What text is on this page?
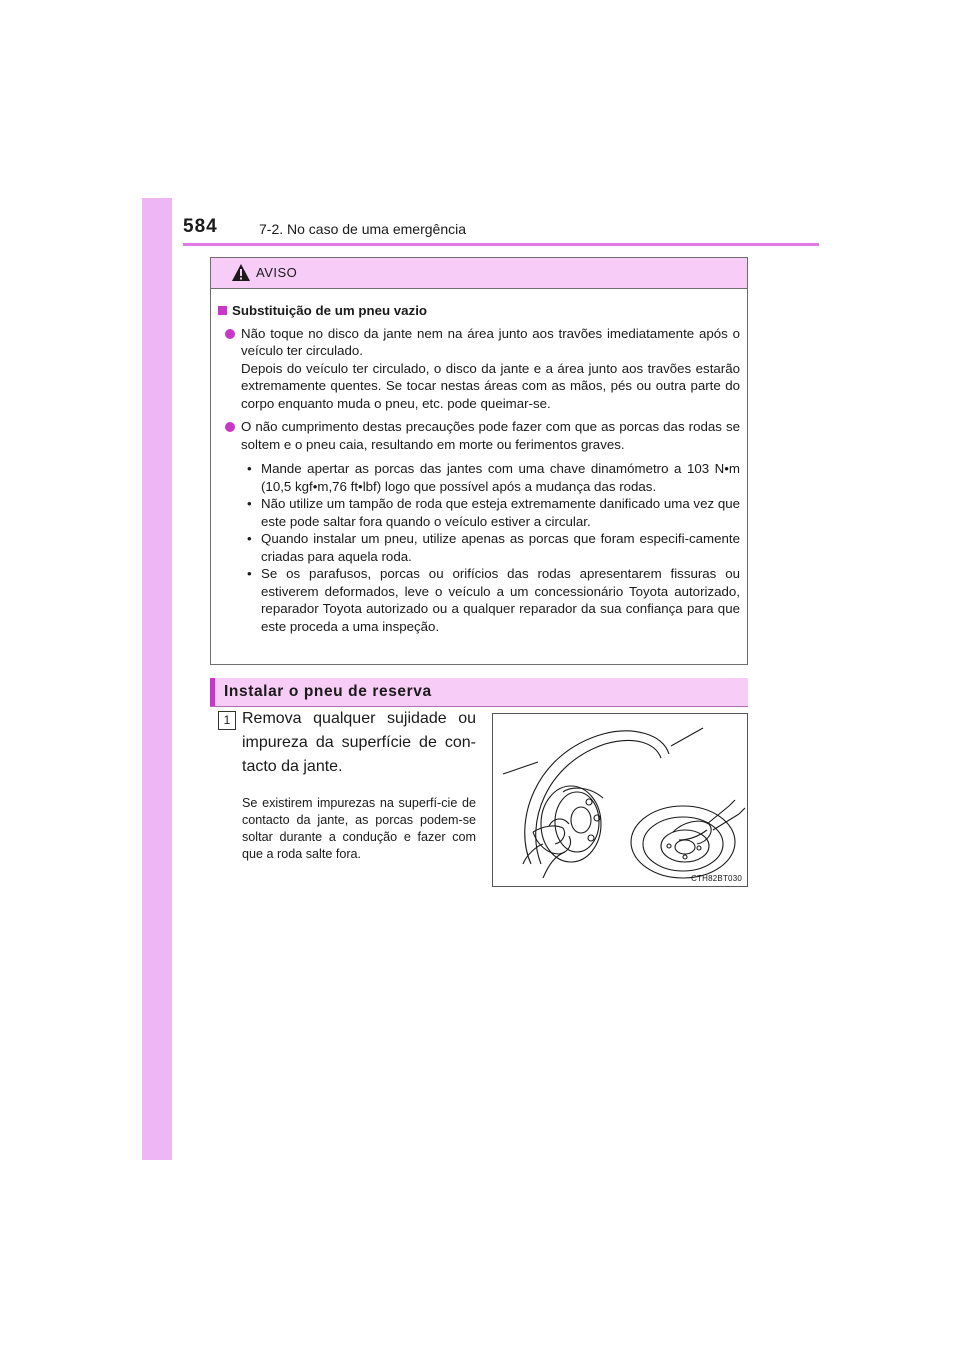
584	7-2. No caso de uma emergência
AVISO
Substituição de um pneu vazio
Não toque no disco da jante nem na área junto aos travões imediatamente após o veículo ter circulado.
Depois do veículo ter circulado, o disco da jante e a área junto aos travões estarão extremamente quentes. Se tocar nestas áreas com as mãos, pés ou outra parte do corpo enquanto muda o pneu, etc. pode queimar-se.
O não cumprimento destas precauções pode fazer com que as porcas das rodas se soltem e o pneu caia, resultando em morte ou ferimentos graves.
• Mande apertar as porcas das jantes com uma chave dinamómetro a 103 N•m (10,5 kgf•m,76 ft•lbf) logo que possível após a mudança das rodas.
• Não utilize um tampão de roda que esteja extremamente danificado uma vez que este pode saltar fora quando o veículo estiver a circular.
• Quando instalar um pneu, utilize apenas as porcas que foram especifi-camente criadas para aquela roda.
• Se os parafusos, porcas ou orifícios das rodas apresentarem fissuras ou estiverem deformados, leve o veículo a um concessionário Toyota autorizado, reparador Toyota autorizado ou a qualquer reparador da sua confiança para que este proceda a uma inspeção.
Instalar o pneu de reserva
1 Remova qualquer sujidade ou impureza da superfície de con-tacto da jante.
Se existirem impurezas na superfí-cie de contacto da jante, as porcas podem-se soltar durante a condução e fazer com que a roda salte fora.
CTH82BT030
